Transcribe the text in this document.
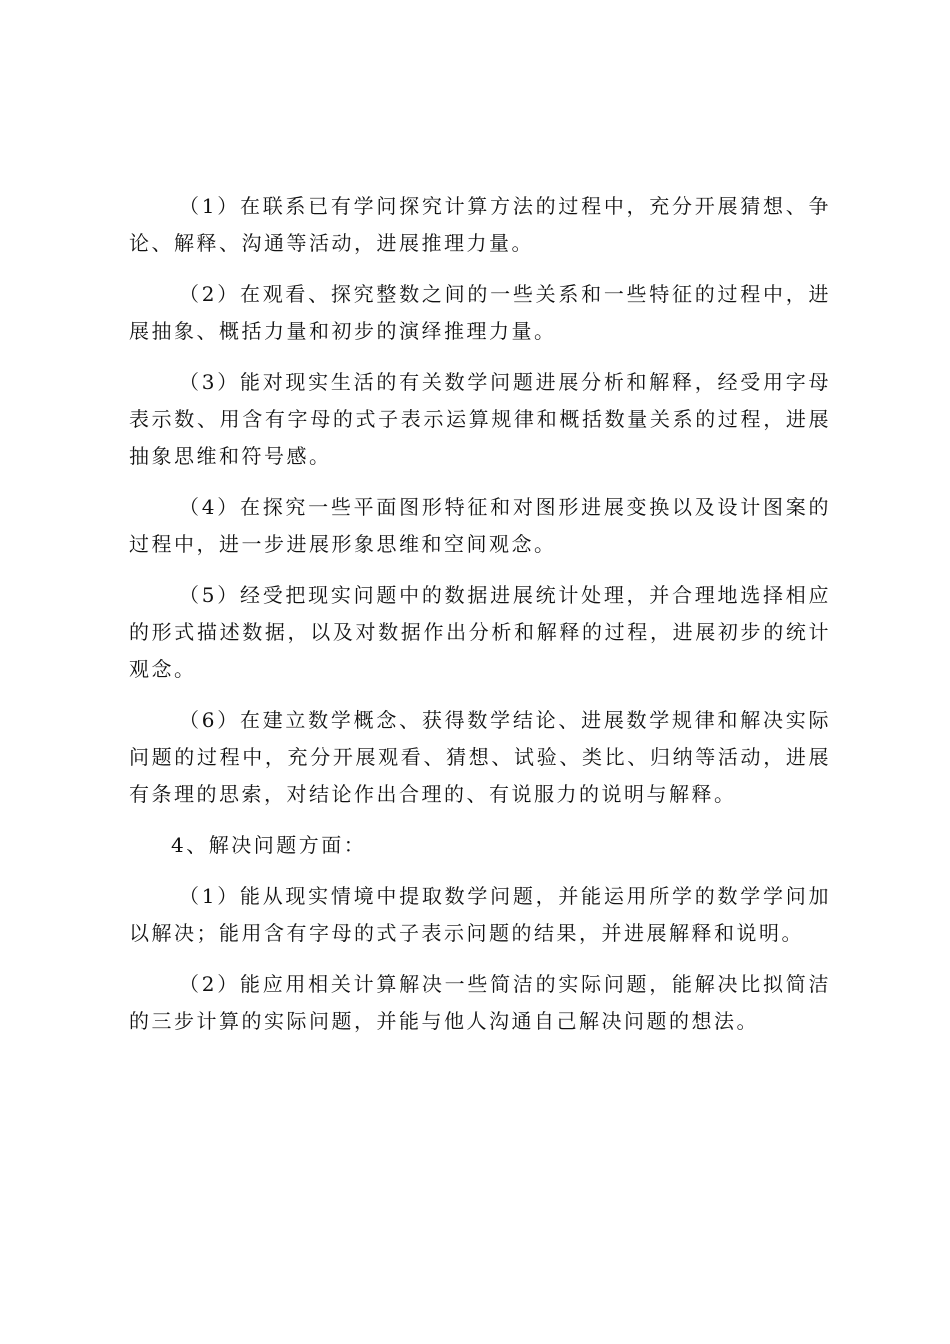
（1）在联系已有学问探究计算方法的过程中，充分开展猜想、争论、解释、沟通等活动，进展推理力量。

（2）在观看、探究整数之间的一些关系和一些特征的过程中，进展抽象、概括力量和初步的演绎推理力量。

（3）能对现实生活的有关数学问题进展分析和解释，经受用字母表示数、用含有字母的式子表示运算规律和概括数量关系的过程，进展抽象思维和符号感。

（4）在探究一些平面图形特征和对图形进展变换以及设计图案的过程中，进一步进展形象思维和空间观念。

（5）经受把现实问题中的数据进展统计处理，并合理地选择相应的形式描述数据，以及对数据作出分析和解释的过程，进展初步的统计观念。

（6）在建立数学概念、获得数学结论、进展数学规律和解决实际问题的过程中，充分开展观看、猜想、试验、类比、归纳等活动，进展有条理的思索，对结论作出合理的、有说服力的说明与解释。

4、解决问题方面：

（1）能从现实情境中提取数学问题，并能运用所学的数学学问加以解决；能用含有字母的式子表示问题的结果，并进展解释和说明。

（2）能应用相关计算解决一些简洁的实际问题，能解决比拟简洁的三步计算的实际问题，并能与他人沟通自己解决问题的想法。
